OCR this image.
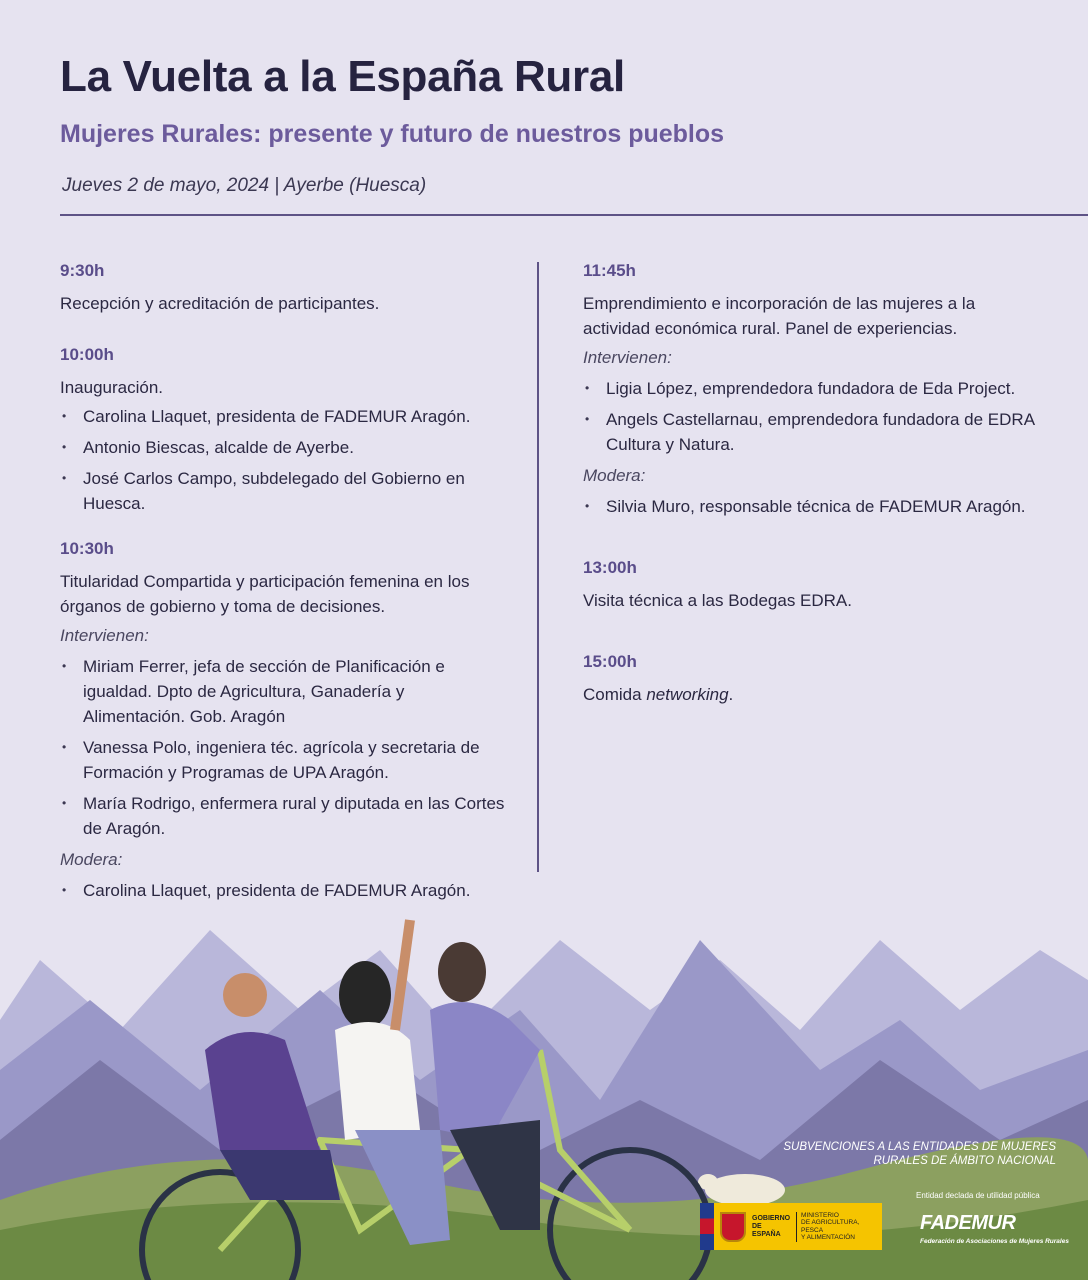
La Vuelta a la España Rural
Mujeres Rurales: presente y futuro de nuestros pueblos
Jueves 2 de mayo, 2024 | Ayerbe (Huesca)
9:30h

Recepción y acreditación de participantes.

10:00h

Inauguración.

• Carolina Llaquet, presidenta de FADEMUR Aragón.
• Antonio Biescas, alcalde de Ayerbe.
• José Carlos Campo, subdelegado del Gobierno en Huesca.
10:30h

Titularidad Compartida y participación femenina en los órganos de gobierno y toma de decisiones.

Intervienen:
• Miriam Ferrer, jefa de sección de Planificación e igualdad. Dpto de Agricultura, Ganadería y Alimentación. Gob. Aragón
• Vanessa Polo, ingeniera téc. agrícola y secretaria de Formación y Programas de UPA Aragón.
• María Rodrigo, enfermera rural y diputada en las Cortes de Aragón.
Modera:
• Carolina Llaquet, presidenta de FADEMUR Aragón.
11:45h

Emprendimiento e incorporación de las mujeres a la actividad económica rural. Panel de experiencias.

Intervienen:
• Ligia López, emprendedora fundadora de Eda Project.
• Angels Castellarnau, emprendedora fundadora de EDRA Cultura y Natura.
Modera:
• Silvia Muro, responsable técnica de FADEMUR Aragón.
13:00h

Visita técnica a las Bodegas EDRA.

15:00h

Comida networking.

SUBVENCIONES A LAS ENTIDADES DE MUJERES
RURALES DE ÁMBITO NACIONAL
Entidad declada de utilidad pública
GOBIERNO
DE ESPAÑA
MINISTERIO
DE AGRICULTURA, PESCA
Y ALIMENTACIÓN
FADEMUR
Federación de Asociaciones de Mujeres Rurales
